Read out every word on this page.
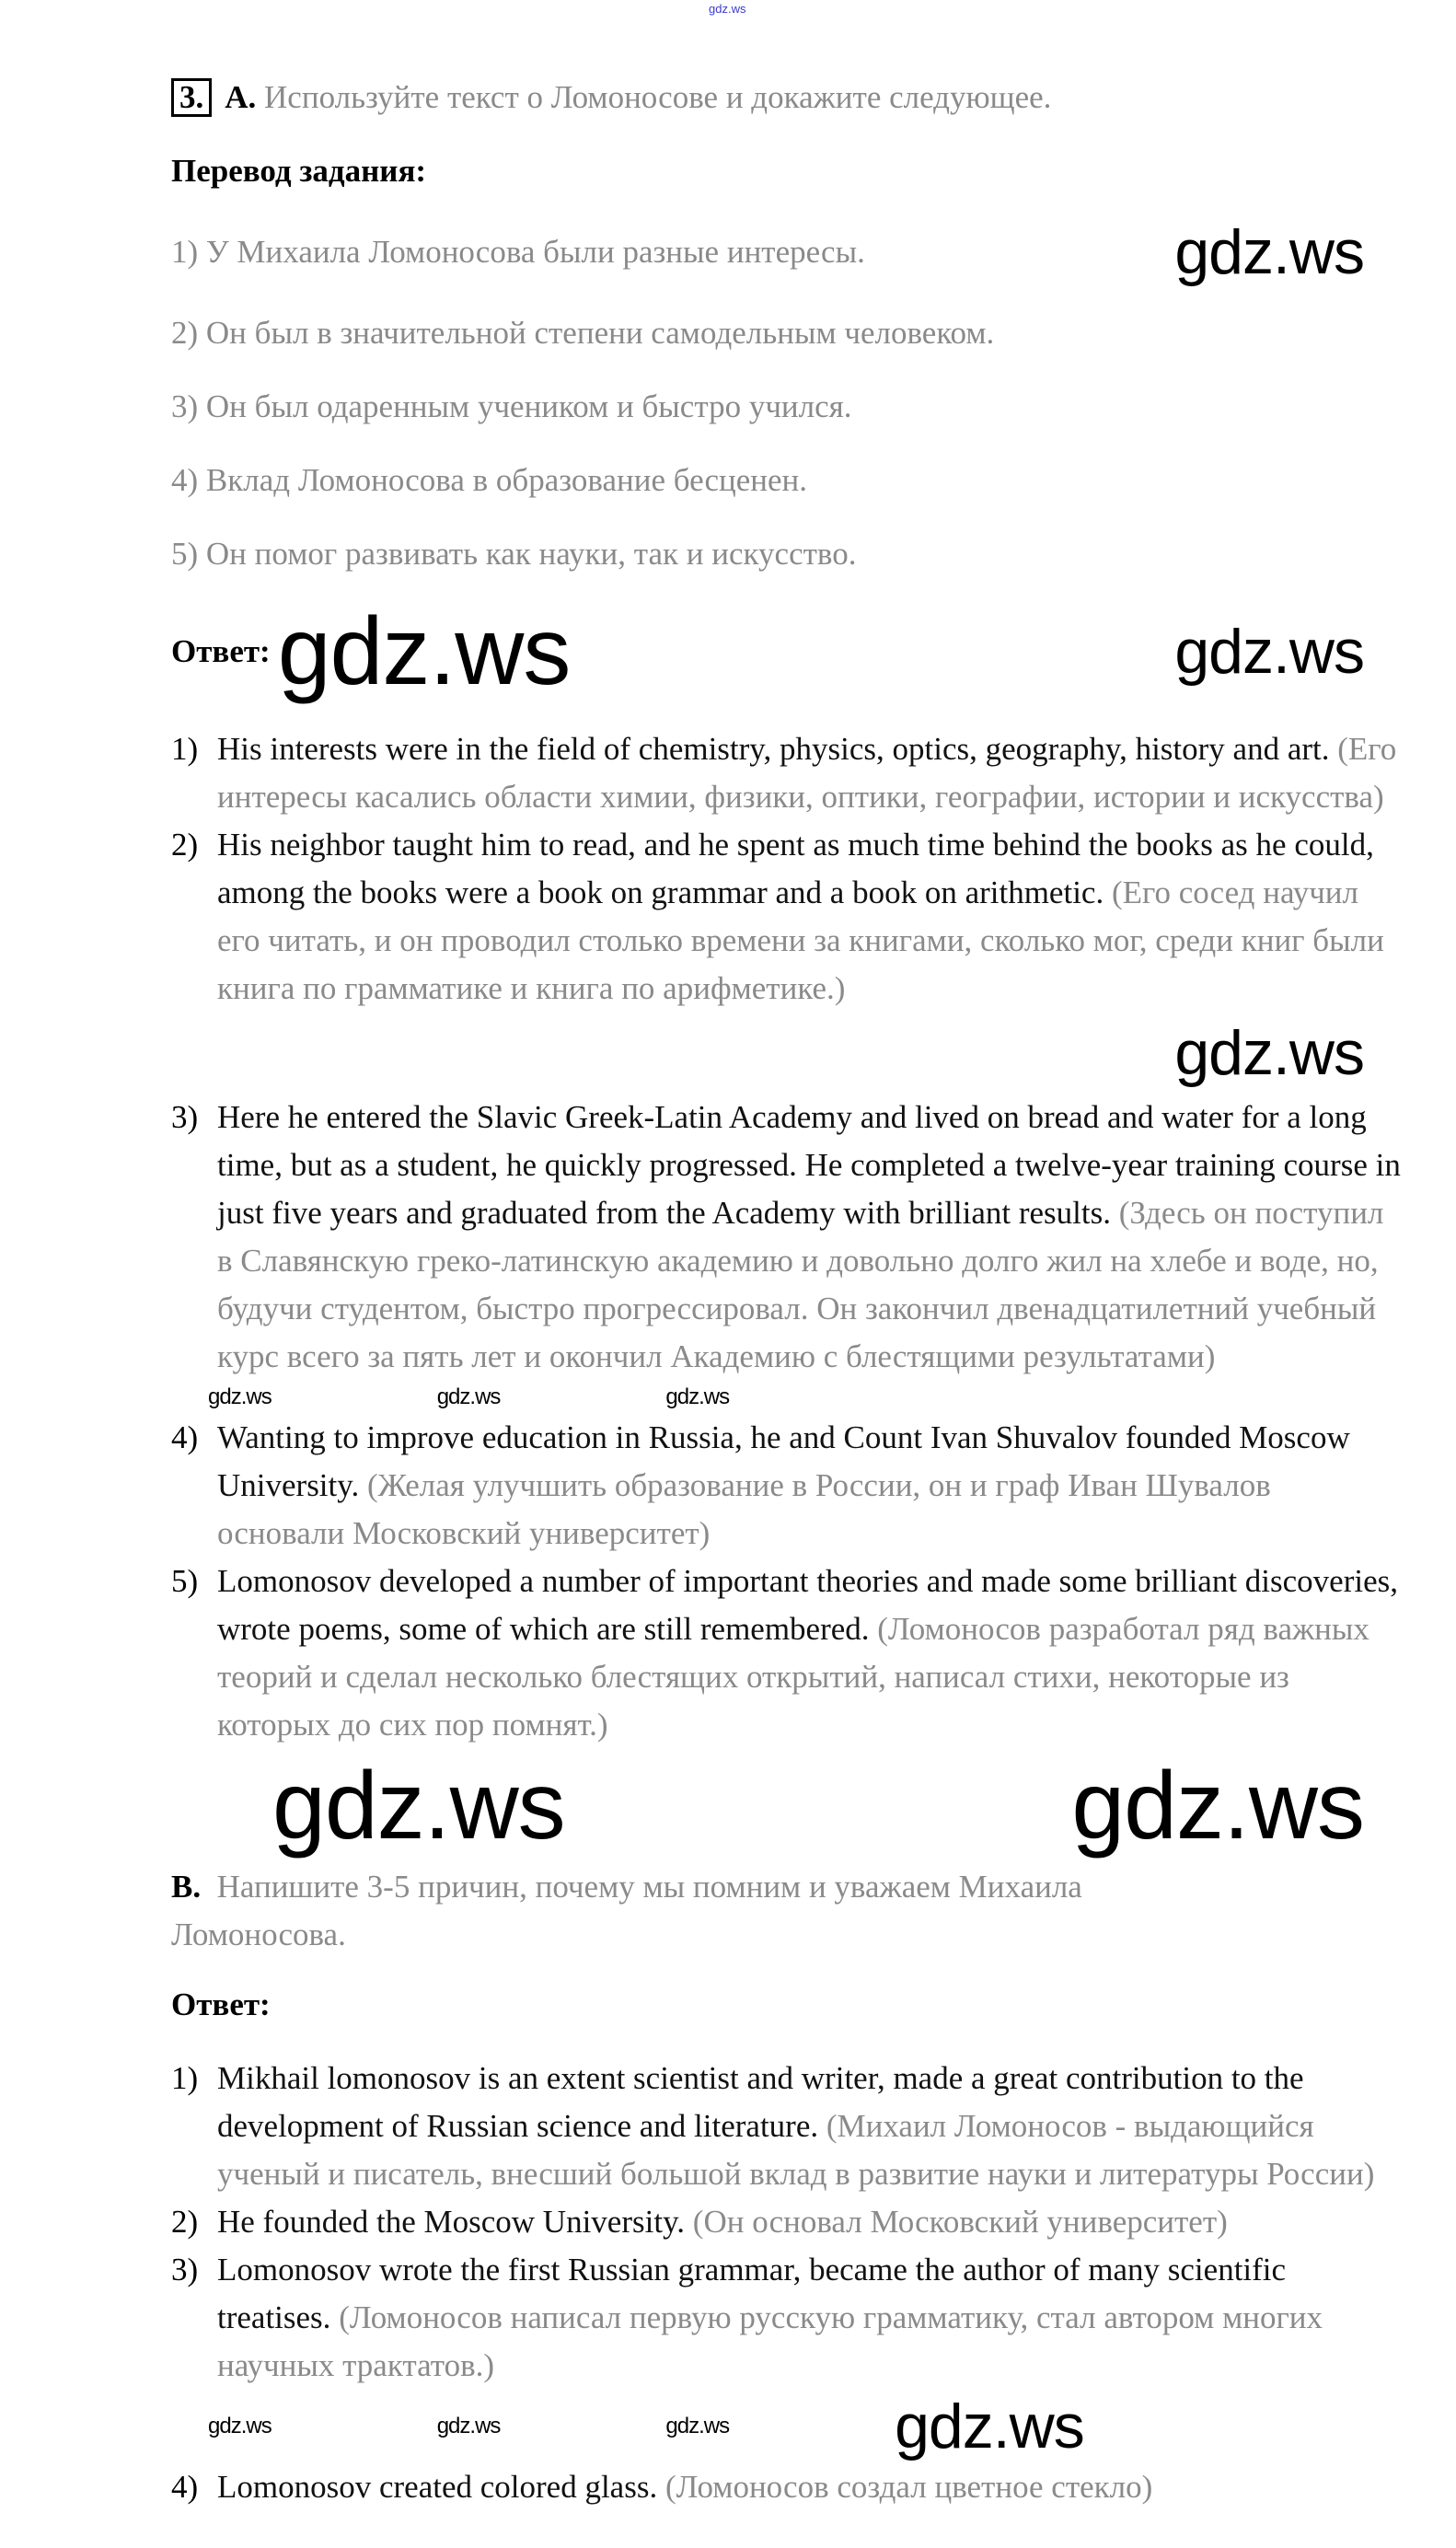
gdz.ws
3. А.
Используйте текст о Ломоносове и докажите следующее.
Перевод задания:
1) У Михаила Ломоносова были разные интересы.	gdz.ws
2) Он был в значительной степени самодельным человеком.
3) Он был одаренным учеником и быстро учился.
4) Вклад Ломоносова в образование бесценен.
5) Он помог развивать как науки, так и искусство.
Ответ: gdz.ws	gdz.ws
1) His interests were in the field of chemistry, physics, optics, geography, history and art. (Его интересы касались области химии, физики, оптики, географии, истории и искусства)
2) His neighbor taught him to read, and he spent as much time behind the books as he could, among the books were a book on grammar and a book on arithmetic. (Его сосед научил его читать, и он проводил столько времени за книгами, сколько мог, среди книг были книга по грамматике и книга по арифметике.)
gdz.ws
3) Here he entered the Slavic Greek-Latin Academy and lived on bread and water for a long time, but as a student, he quickly progressed. He completed a twelve-year training course in just five years and graduated from the Academy with brilliant results. (Здесь он поступил в Славянскую греко-латинскую академию и довольно долго жил на хлебе и воде, но, будучи студентом, быстро прогрессировал. Он закончил двенадцатилетний учебный курс всего за пять лет и окончил Академию с блестящими результатами)
gdz.ws	gdz.ws	gdz.ws
4) Wanting to improve education in Russia, he and Count Ivan Shuvalov founded Moscow University. (Желая улучшить образование в России, он и граф Иван Шувалов основали Московский университет)
5) Lomonosov developed a number of important theories and made some brilliant discoveries, wrote poems, some of which are still remembered. (Ломоносов разработал ряд важных теорий и сделал несколько блестящих открытий, написал стихи, некоторые из которых до сих пор помнят.)
gdz.ws	gdz.ws
B. Напишите 3-5 причин, почему мы помним и уважаем Михаила Ломоносова.
Ответ:
1) Mikhail lomonosov is an extent scientist and writer, made a great contribution to the development of Russian science and literature. (Михаил Ломоносов - выдающийся ученый и писатель, внесший большой вклад в развитие науки и литературы России)
2) He founded the Moscow University. (Он основал Московский университет)
3) Lomonosov wrote the first Russian grammar, became the author of many scientific treatises. (Ломоносов написал первую русскую грамматику, стал автором многих научных трактатов.)
gdz.ws	gdz.ws	gdz.ws	gdz.ws
4) Lomonosov created colored glass. (Ломоносов создал цветное стекло)
